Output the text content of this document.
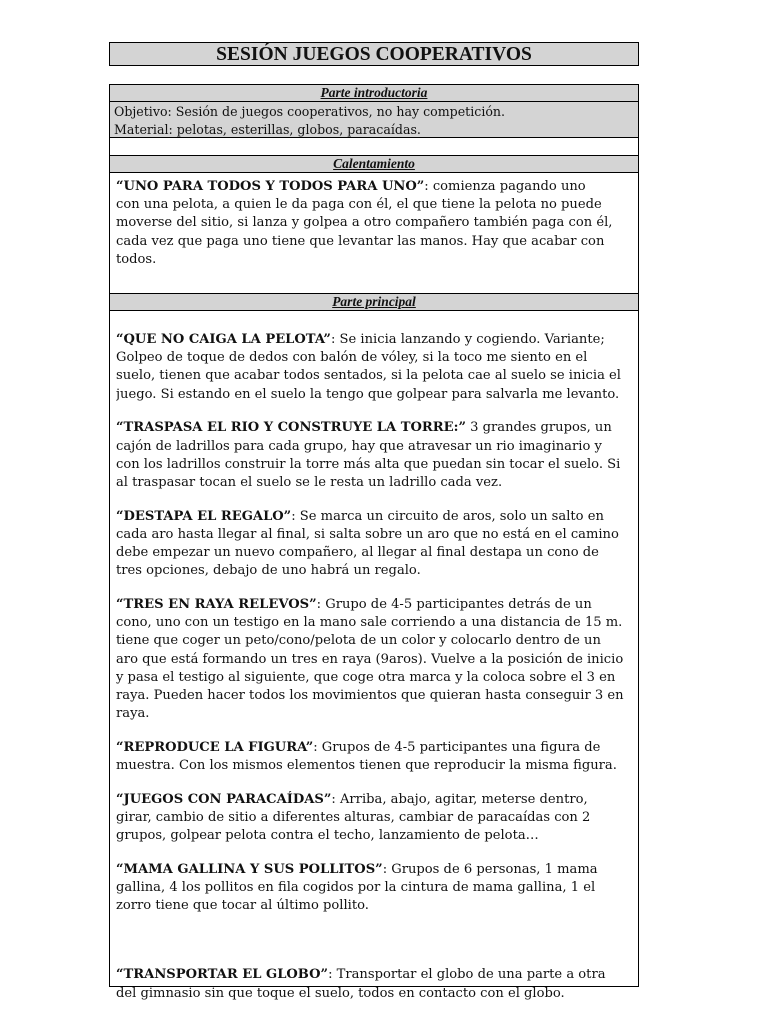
SESIÓN JUEGOS COOPERATIVOS
Parte introductoria
Objetivo: Sesión de juegos cooperativos, no hay competición.
Material: pelotas, esterillas, globos, paracaídas.
Calentamiento
“UNO PARA TODOS Y TODOS PARA UNO”: comienza pagando uno
con una pelota, a quien le da paga con él, el que tiene la pelota no puede
moverse del sitio, si lanza y golpea a otro compañero también paga con él,
cada vez que paga uno tiene que levantar las manos. Hay que acabar con
todos.
Parte principal
“QUE NO CAIGA LA PELOTA”: Se inicia lanzando y cogiendo. Variante;
Golpeo de toque de dedos con balón de vóley, si la toco me siento en el
suelo, tienen que acabar todos sentados, si la pelota cae al suelo se inicia el
juego. Si estando en el suelo la tengo que golpear para salvarla me levanto.
“TRASPASA EL RIO Y CONSTRUYE LA TORRE:” 3 grandes grupos, un
cajón de ladrillos para cada grupo, hay que atravesar un rio imaginario y
con los ladrillos construir la torre más alta que puedan sin tocar el suelo. Si
al traspasar tocan el suelo se le resta un ladrillo cada vez.
“DESTAPA EL REGALO”: Se marca un circuito de aros, solo un salto en
cada aro hasta llegar al final, si salta sobre un aro que no está en el camino
debe empezar un nuevo compañero, al llegar al final destapa un cono de
tres opciones, debajo de uno habrá un regalo.
“TRES EN RAYA RELEVOS”: Grupo de 4-5 participantes detrás de un
cono, uno con un testigo en la mano sale corriendo a una distancia de 15 m.
tiene que coger un peto/cono/pelota de un color y colocarlo dentro de un
aro que está formando un tres en raya (9aros). Vuelve a la posición de inicio
y pasa el testigo al siguiente, que coge otra marca y la coloca sobre el 3 en
raya. Pueden hacer todos los movimientos que quieran hasta conseguir 3 en
raya.
“REPRODUCE LA FIGURA”: Grupos de 4-5 participantes una figura de
muestra. Con los mismos elementos tienen que reproducir la misma figura.
“JUEGOS CON PARACAÍDAS”: Arriba, abajo, agitar, meterse dentro,
girar, cambio de sitio a diferentes alturas, cambiar de paracaídas con 2
grupos, golpear pelota contra el techo, lanzamiento de pelota…
“MAMA GALLINA Y SUS POLLITOS”: Grupos de 6 personas, 1 mama
gallina, 4 los pollitos en fila cogidos por la cintura de mama gallina, 1 el
zorro tiene que tocar al último pollito.
“TRANSPORTAR EL GLOBO”: Transportar el globo de una parte a otra
del gimnasio sin que toque el suelo, todos en contacto con el globo.
